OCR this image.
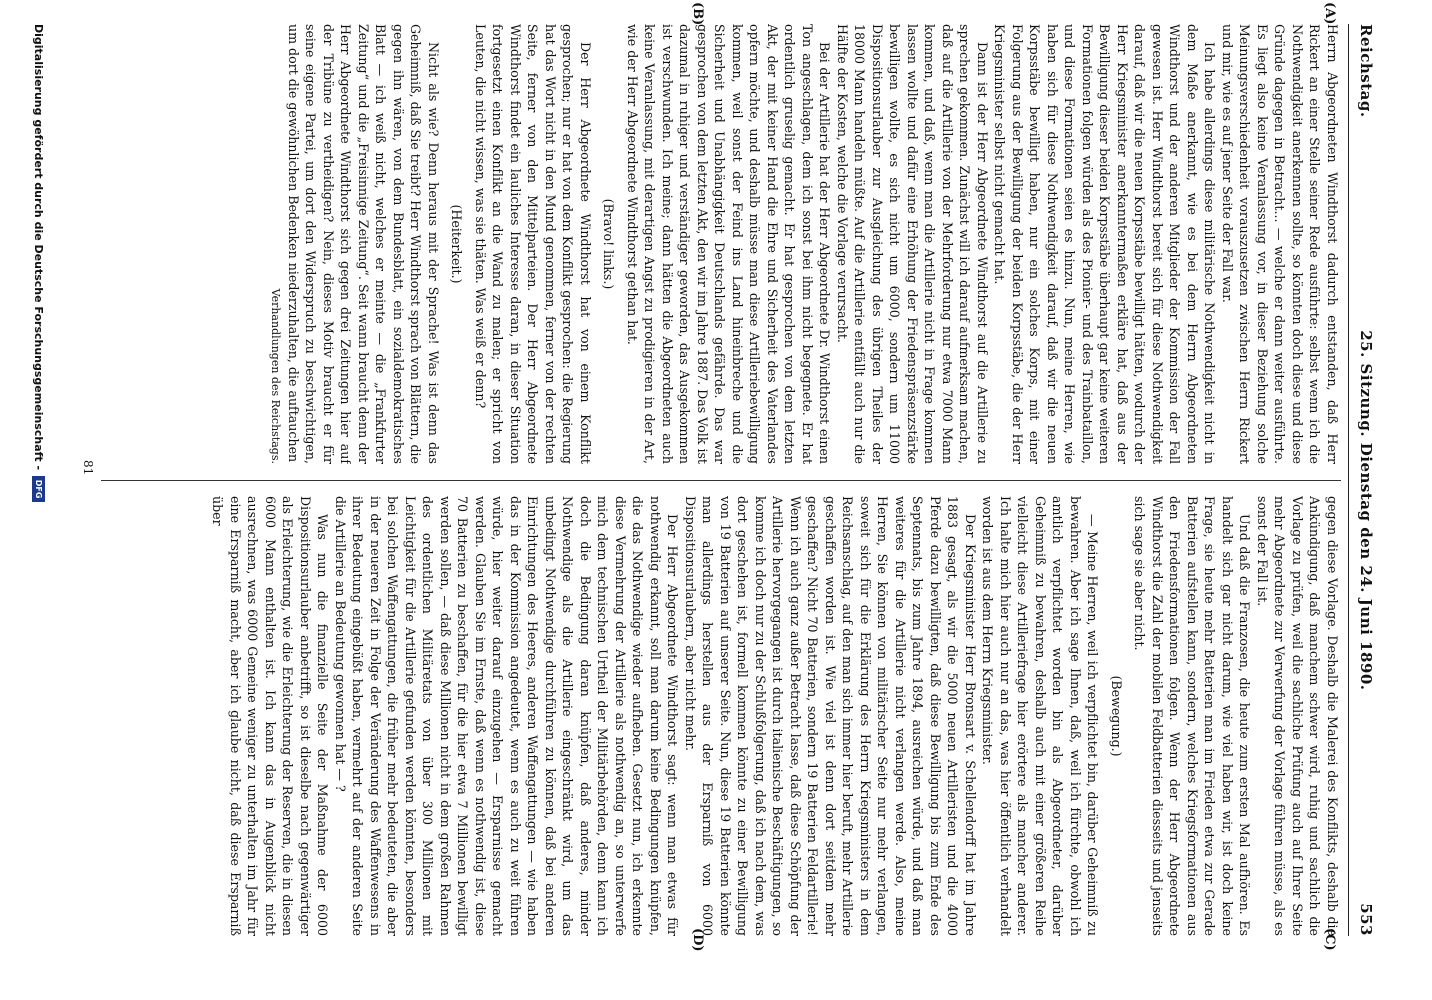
Reichstag.
25. Sitzung. Dienstag den 24. Juni 1890.
553
(A)
(B)
(C)
(D)

Herrn Abgeordneten Windthorst dadurch entstanden, daß Herr Rickert an einer Stelle seiner Rede ausführte: selbst wenn ich die Nothwendigkeit anerkennen sollte, so könnten doch diese und diese Gründe dagegen in Betracht... — welche er dann weiter ausführte. Es liegt also keine Veranlassung vor, in dieser Beziehung solche Meinungsverschiedenheit vorauszusetzen zwischen Herrn Rickert und mir, wie es auf jener Seite der Fall war.

Ich habe allerdings diese militärische Nothwendigkeit nicht in dem Maße anerkannt, wie es bei dem Herrn Abgeordneten Windthorst und der anderen Mitglieder der Kommission der Fall gewesen ist. Herr Windthorst bereit sich für diese Nothwendigkeit darauf, daß wir die neuen Korpsstäbe bewilligt hätten, wodurch der Herr Kriegsminister anerkanntermaßen erkläre hat, daß aus der Bewilligung dieser beiden Korpsstäbe überhaupt gar keine weiteren Formationen folgen würden als des Pionier- und des Trainbataillon, und diese Formationen seien es hinzu. Nun, meine Herren, wie haben sich für diese Nothwendigkeit darauf, daß wir die neuen Korpsstäbe bewilligt haben, nur ein solches Korps, mit einer Folgerung aus der Bewilligung der beiden Korpsstäbe, die der Herr Kriegsminister selbst nicht gemacht hat.

Dann ist der Herr Abgeordnete Windthorst auf die Artillerie zu sprechen gekommen. Zunächst will ich darauf aufmerksam machen, daß auf die Artillerie von der Mehrforderung nur etwa 7000 Mann kommen, und daß, wenn man die Artillerie nicht in Frage kommen lassen wollte und dafür eine Erhöhung der Friedenspräsenzstärke bewilligen wollte, es sich nicht um 6000, sondern um 11000 Dispositionsurlauber zur Ausgleichung des übrigen Theiles der 18000 Mann handeln müßte. Auf die Artillerie entfällt auch nur die Hälfte der Kosten, welche die Vorlage verursacht.

Bei der Artillerie hat der Herr Abgeordnete Dr. Windthorst einen Ton angeschlagen, dem ich sonst bei ihm nicht begegnete. Er hat ordentlich gruselig gemacht. Er hat gesprochen von dem letzten Akt, der mit keiner Hand die Ehre und Sicherheit des Vaterlandes opfern möchte, und deshalb müsse man diese Artilleriebewilligung kommen, weil sonst der Feind ins Land hineinbreche und die Sicherheit und Unabhängigkeit Deutschlands gefährde. Das war gesprochen von dem letzten Akt, den wir im Jahre 1887. Das Volk ist dazumal in ruhiger und verständiger geworden, das Ausgekommen ist verschwunden. Ich meine; dann hätten die Abgeordneten auch keine Veranlassung, mit derartigen Angst zu prodigieren in der Art, wie der Herr Abgeordnete Windthorst gethan hat.

(Bravo! links.)

Der Herr Abgeordnete Windthorst hat von einem Konflikt gesprochen; nur er hat von dem Konflikt gesprochen: die Regierung hat das Wort nicht in den Mund genommen, ferner von der rechten Seite, ferner von den Mittelparteien. Der Herr Abgeordnete Windthorst findet ein lauliches Interesse daran, in dieser Situation fortgesetzt einen Konflikt an die Wand zu malen; er spricht von Leuten, die nicht wissen, was sie thäten. Was weiß er denn?

(Heiterkeit.)

Nicht als wie? Denn heraus mit der Sprache! Was ist denn das Geheimniß, daß Sie treibt? Herr Windthorst sprach von Blättern, die gegen ihn wären, von dem Bundesblatt, ein sozialdemokratisches Blatt — ich weiß nicht, welches er meinte — die „Frankfurter Zeitung“ und die „Freisinnige Zeitung“. Seit wann braucht denn der Herr Abgeordnete Windthorst sich gegen drei Zeitungen hier auf der Tribüne zu vertheidigen? Nein, dieses Motiv braucht er für seine eigene Partei, um dort den Widerspruch zu beschwichtigen, um dort die gewöhnlichen Bedenken niederzuhalten, die auftauchen

Verhandlungen des Reichstags.

gegen diese Vorlage. Deshalb die Malerei des Konflikts, deshalb die Ankündigung, daß manchem schwer wird, ruhig und sachlich die Vorlage zu prüfen, weil die sachliche Prüfung auch auf Ihrer Seite mehr Abgeordnete zur Verwerfung der Vorlage führen müsse, als es sonst der Fall ist.

Und daß die Franzosen, die heute zum ersten Mal aufhören. Es handelt sich gar nicht darum, wie viel haben wir, ist doch keine Frage, sie heute mehr Batterien man im Frieden etwa zur Gerade Batterien aufstellen kann, sondern, welches Kriegsformationen aus den Friedensformationen folgen. Wenn der Herr Abgeordnete Windthorst die Zahl der mobilen Feldbatterien diesseits und jenseits sich sage sie aber nicht.

(Bewegung.)

— Meine Herren, weil ich verpflichtet bin, darüber Geheimniß zu bewahren. Aber ich sage Ihnen, daß, weil ich fürchte, obwohl ich amtlich verpflichtet worden bin als Abgeordneter, darüber Geheimniß zu bewahren, deshalb auch mit einer größeren Reihe vielleicht diese Artilleriefrage hier erörtere als mancher anderer. Ich halte mich hier auch nur an das, was hier öffentlich verhandelt worden ist aus dem Herrn Kriegsminister.

Der Kriegsminister Herr Bronsart v. Schellendorff hat im Jahre 1883 gesagt, als wir die 5000 neuen Artilleristen und die 4000 Pferde dazu bewilligten, daß diese Bewilligung bis zum Ende des Septennats, bis zum Jahre 1894, ausreichen würde, und daß man weiteres für die Artillerie nicht verlangen werde. Also, meine Herren, Sie können von militärischer Seite nur mehr verlangen, soweit sich für die Erklärung des Herrn Kriegsministers in dem Reichsanschlag, auf den man sich immer hier beruft, mehr Artillerie geschaffen worden ist. Wie viel ist denn dort seitdem mehr geschaffen? Nicht 70 Batterien, sondern 19 Batterien Feldartillerie! Wenn ich auch ganz außer Betracht lasse, daß diese Schöpfung der Artillerie hervorgegangen ist durch italienische Beschäftigungen, so komme ich doch nur zu der Schlußfolgerung, daß ich nach dem, was dort geschehen ist, formell kommen könnte zu einer Bewilligung von 19 Batterien auf unserer Seite. Nun, diese 19 Batterien könnte man allerdings herstellen aus der Ersparniß von 6000 Dispositionsurlaubern, aber nicht mehr.

Der Herr Abgeordnete Windthorst sagt: wenn man etwas für nothwendig erkannt, soll man darum keine Bedingungen knüpfen, die das Nothwendige wieder aufheben. Gesetzt nun, ich erkennte diese Vermehrung der Artillerie als nothwendig an, so unterwerfe mich dem technischen Urtheil der Militärbehörden, denn kann ich doch die Bedingung daran knüpfen, daß anderes, minder Nothwendige als die Artillerie eingeschränkt wird, um das unbedingt Nothwendige durchführen zu können, daß bei anderen Einrichtungen des Heeres, anderen Waffengattungen — wie haben das in der Kommission angedeutet, wenn es auch zu weit führen würde, hier weiter darauf einzugehen — Ersparnisse gemacht werden. Glauben Sie im Ernste, daß wenn es nothwendig ist, diese 70 Batterien zu beschaffen, für die hier etwa 7 Millionen bewilligt werden sollen, — daß diese Millionen nicht in dem großen Rahmen des ordentlichen Militäretats von über 300 Millionen mit Leichtigkeit für die Artillerie gefunden werden könnten, besonders bei solchen Waffengattungen, die früher mehr bedeuteten, die aber in der neueren Zeit in Folge der Veränderung des Waffenwesens in ihrer Bedeutung eingebüßt haben, vermehrt auf der anderen Seite die Artillerie an Bedeutung gewonnen hat — ?

Was nun die finanzielle Seite der Maßnahme der 6000 Dispositionsurlauber anbetrifft, so ist dieselbe nach gegenwärtiger als Erleichterung, wie die Erleichterung der Reserven, die in diesen 6000 Mann enthalten ist. Ich kann das in Augenblick nicht ausrechnen, was 6000 Gemeine weniger zu unterhalten im Jahr für eine Ersparniß macht, aber ich glaube nicht, daß diese Ersparniß über

81
Digitalisierung gefördert durch die Deutsche Forschungsgemeinschaft -
DFG
